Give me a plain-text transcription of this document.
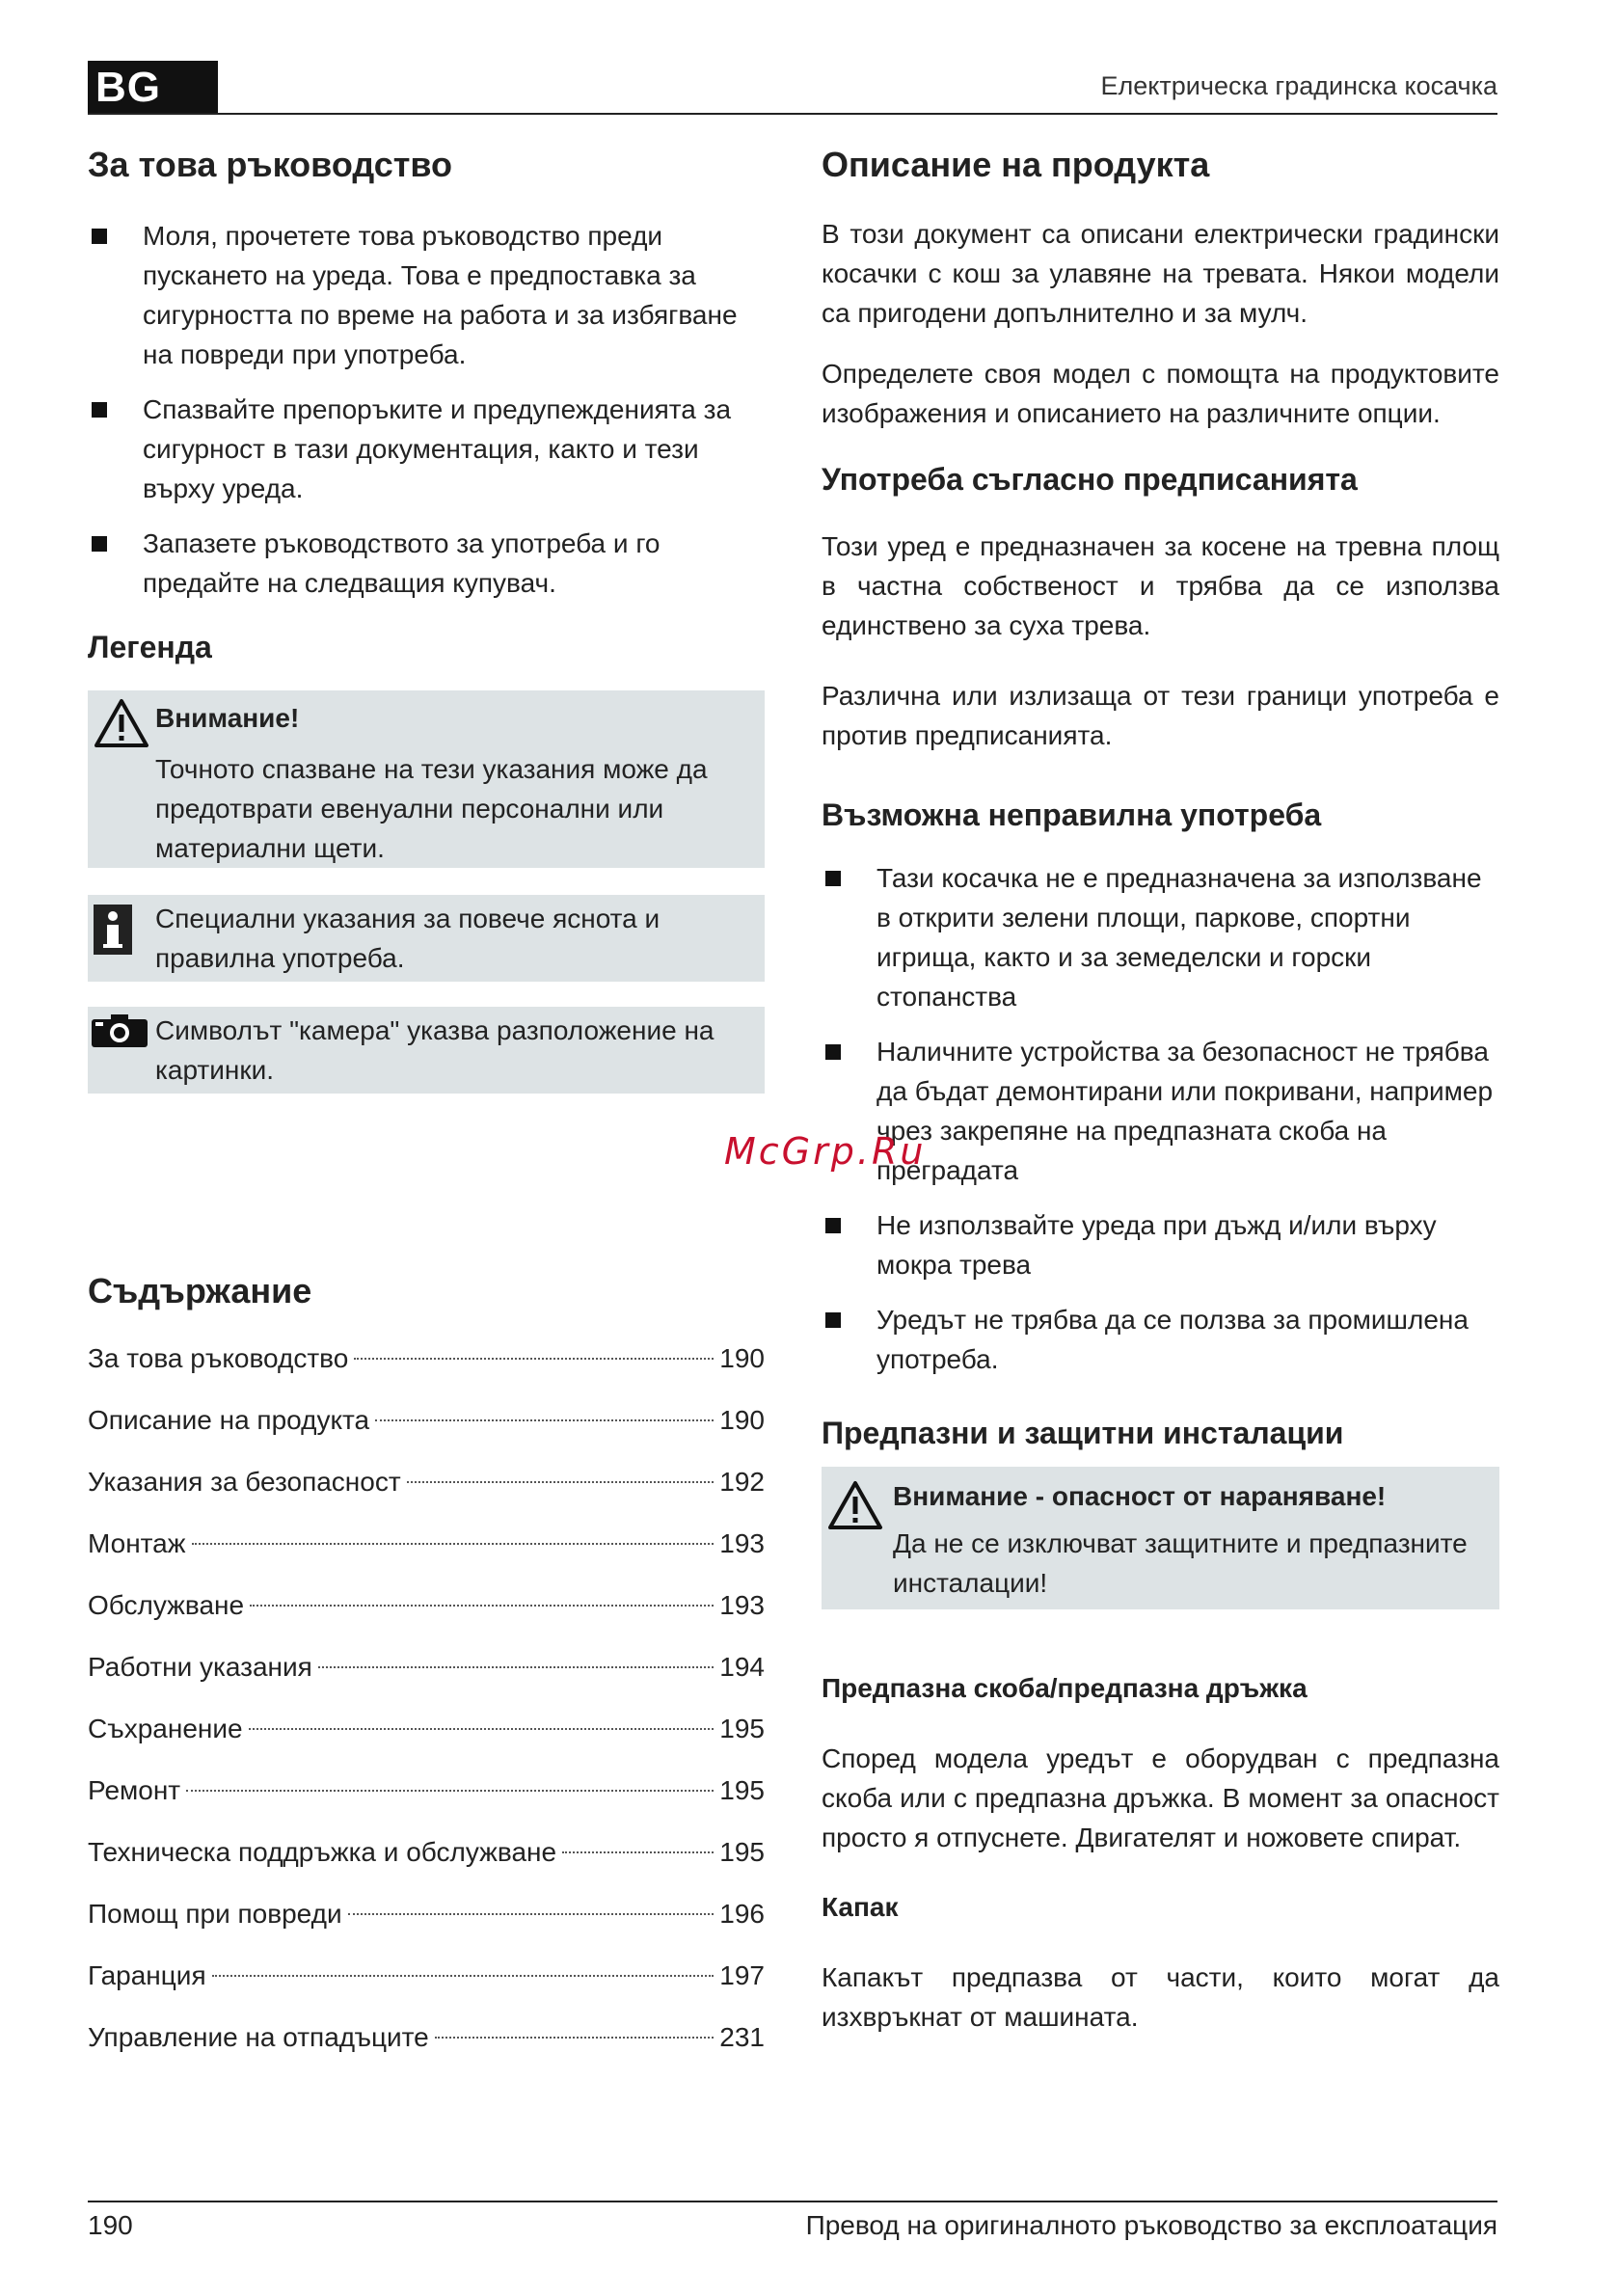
BG	Електрическа градинска косачка
За това ръководство
Моля, прочетете това ръководство преди пускането на уреда. Това е предпоставка за сигурността по време на работа и за избягване на повреди при употреба.
Спазвайте препоръките и предупежденията за сигурност в тази документация, както и тези върху уреда.
Запазете ръководството за употреба и го предайте на следващия купувач.
Легенда
Внимание!

Точното спазване на тези указания може да предотврати евенуални персонални или материални щети.

Специални указания за повече яснота и правилна употреба.

Символът "камера" указва разположение на картинки.

Съдържание
За това ръководство	190
Описание на продукта	190
Указания за безопасност	192
Монтаж	193
Обслужване	193
Работни указания	194
Съхранение	195
Ремонт	195
Техническа поддръжка и обслужване	195
Помощ при повреди	196
Гаранция	197
Управление на отпадъците	231
Описание на продукта

В този документ са описани електрически градински косачки с кош за улавяне на тревата. Някои модели са пригодени допълнително и за мулч.

Определете своя модел с помощта на продуктовите изображения и описанието на различните опции.

Употреба съгласно предписанията

Този уред е предназначен за косене на тревна площ в частна собственост и трябва да се използва единствено за суха трева.

Различна или излизаща от тези граници употреба е против предписанията.

Възможна неправилна употреба
Тази косачка не е предназначена за използване в открити зелени площи, паркове, спортни игрища, както и за земеделски и горски стопанства
Наличните устройства за безопасност не трябва да бъдат демонтирани или покривани, например чрез закрепяне на предпазната скоба на преградата
Не използвайте уреда при дъжд и/или върху мокра трева
Уредът не трябва да се ползва за промишлена употреба.
Предпазни и защитни инсталации
Внимание - опасност от нараняване!

Да не се изключват защитните и предпазните инсталации!

Предпазна скоба/предпазна дръжка

Според модела уредът е оборудван с предпазна скоба или с предпазна дръжка. В момент за опасност просто я отпуснете. Двигателят и ножовете спират.

Капак

Капакът предпазва от части, които могат да изхвръкнат от машината.

McGrp.Ru
190	Превод на оригиналното ръководство за експлоатация
